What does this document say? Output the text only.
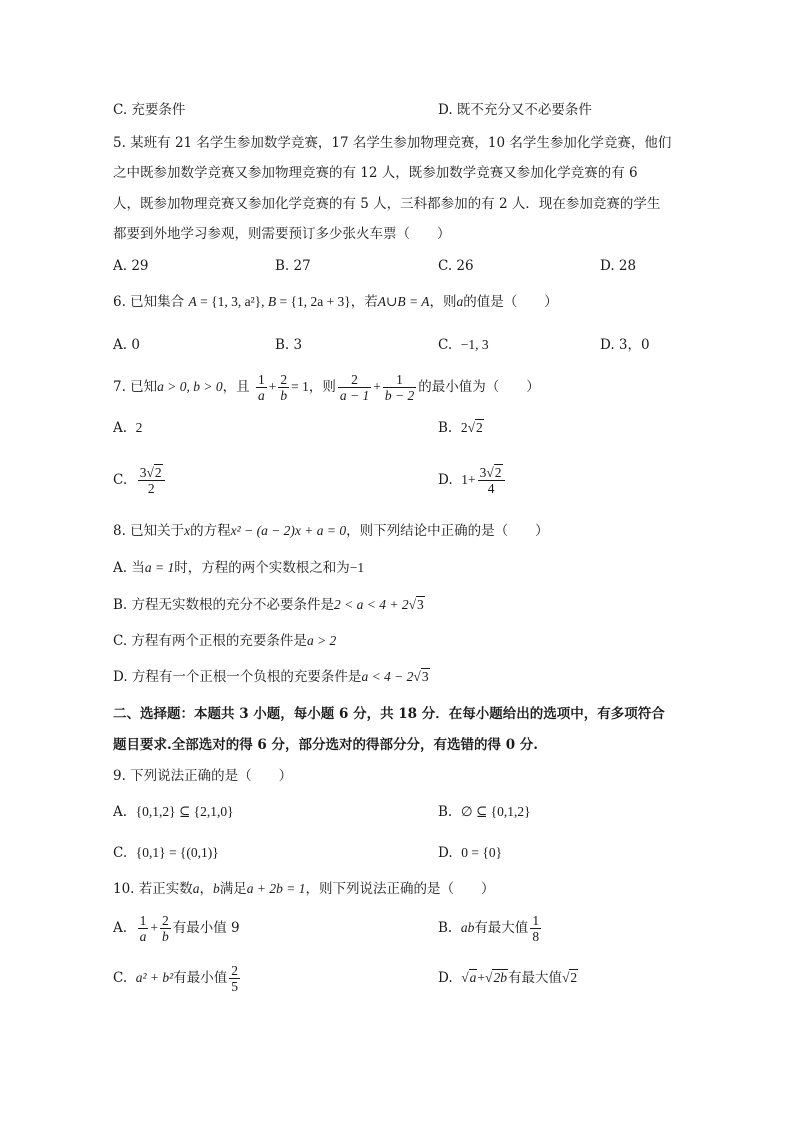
C. 充要条件	D. 既不充分又不必要条件
5. 某班有 21 名学生参加数学竞赛，17 名学生参加物理竞赛，10 名学生参加化学竞赛，他们
之中既参加数学竞赛又参加物理竞赛的有 12 人，既参加数学竞赛又参加化学竞赛的有 6
人，既参加物理竞赛又参加化学竞赛的有 5 人，三科都参加的有 2 人．现在参加竞赛的学生
都要到外地学习参观，则需要预订多少张火车票（　　）
A. 29	B. 27	C. 26	D. 28
6. 已知集合 A = {1, 3, a²}, B = {1, 2a + 3}，若A∪B = A，则a的值是（　　）
A. 0	B. 3	C. −1, 3	D. 3，0
7. 已知a > 0, b > 0，且 $\frac{1}{a} + \frac{2}{b} = 1$，则 $\frac{2}{a - 1} + \frac{1}{b - 2}$ 的最小值为（　　）
A. 2	B. 2√2
C. $\frac{3√2}{2}$	D. $1+ \frac{3√2}{4}$
8. 已知关于x的方程x² − (a − 2)x + a = 0，则下列结论中正确的是（　　）
A. 当a = 1时，方程的两个实数根之和为−1
B. 方程无实数根的充分不必要条件是2 < a < 4 + 2√3
C. 方程有两个正根的充要条件是a > 2
D. 方程有一个正根一个负根的充要条件是a < 4 − 2√3
二、选择题：本题共 3 小题，每小题 6 分，共 18 分．在每小题给出的选项中，有多项符合
题目要求.全部选对的得 6 分，部分选对的得部分分，有选错的得 0 分.
9. 下列说法正确的是（　　）
A. {0,1,2} ⊆ {2,1,0}	B. ∅ ⊆ {0,1,2}
C. {0,1} = {(0,1)}	D. 0 = {0}
10. 若正实数a，b满足a + 2b = 1，则下列说法正确的是（　　）
A. $\frac{1}{a} + \frac{2}{b}$ 有最小值 9	B. ab有最大值 $\frac{1}{8}$
C. a² + b²有最小值 $\frac{2}{5}$	D. √a+√2b有最大值√2
